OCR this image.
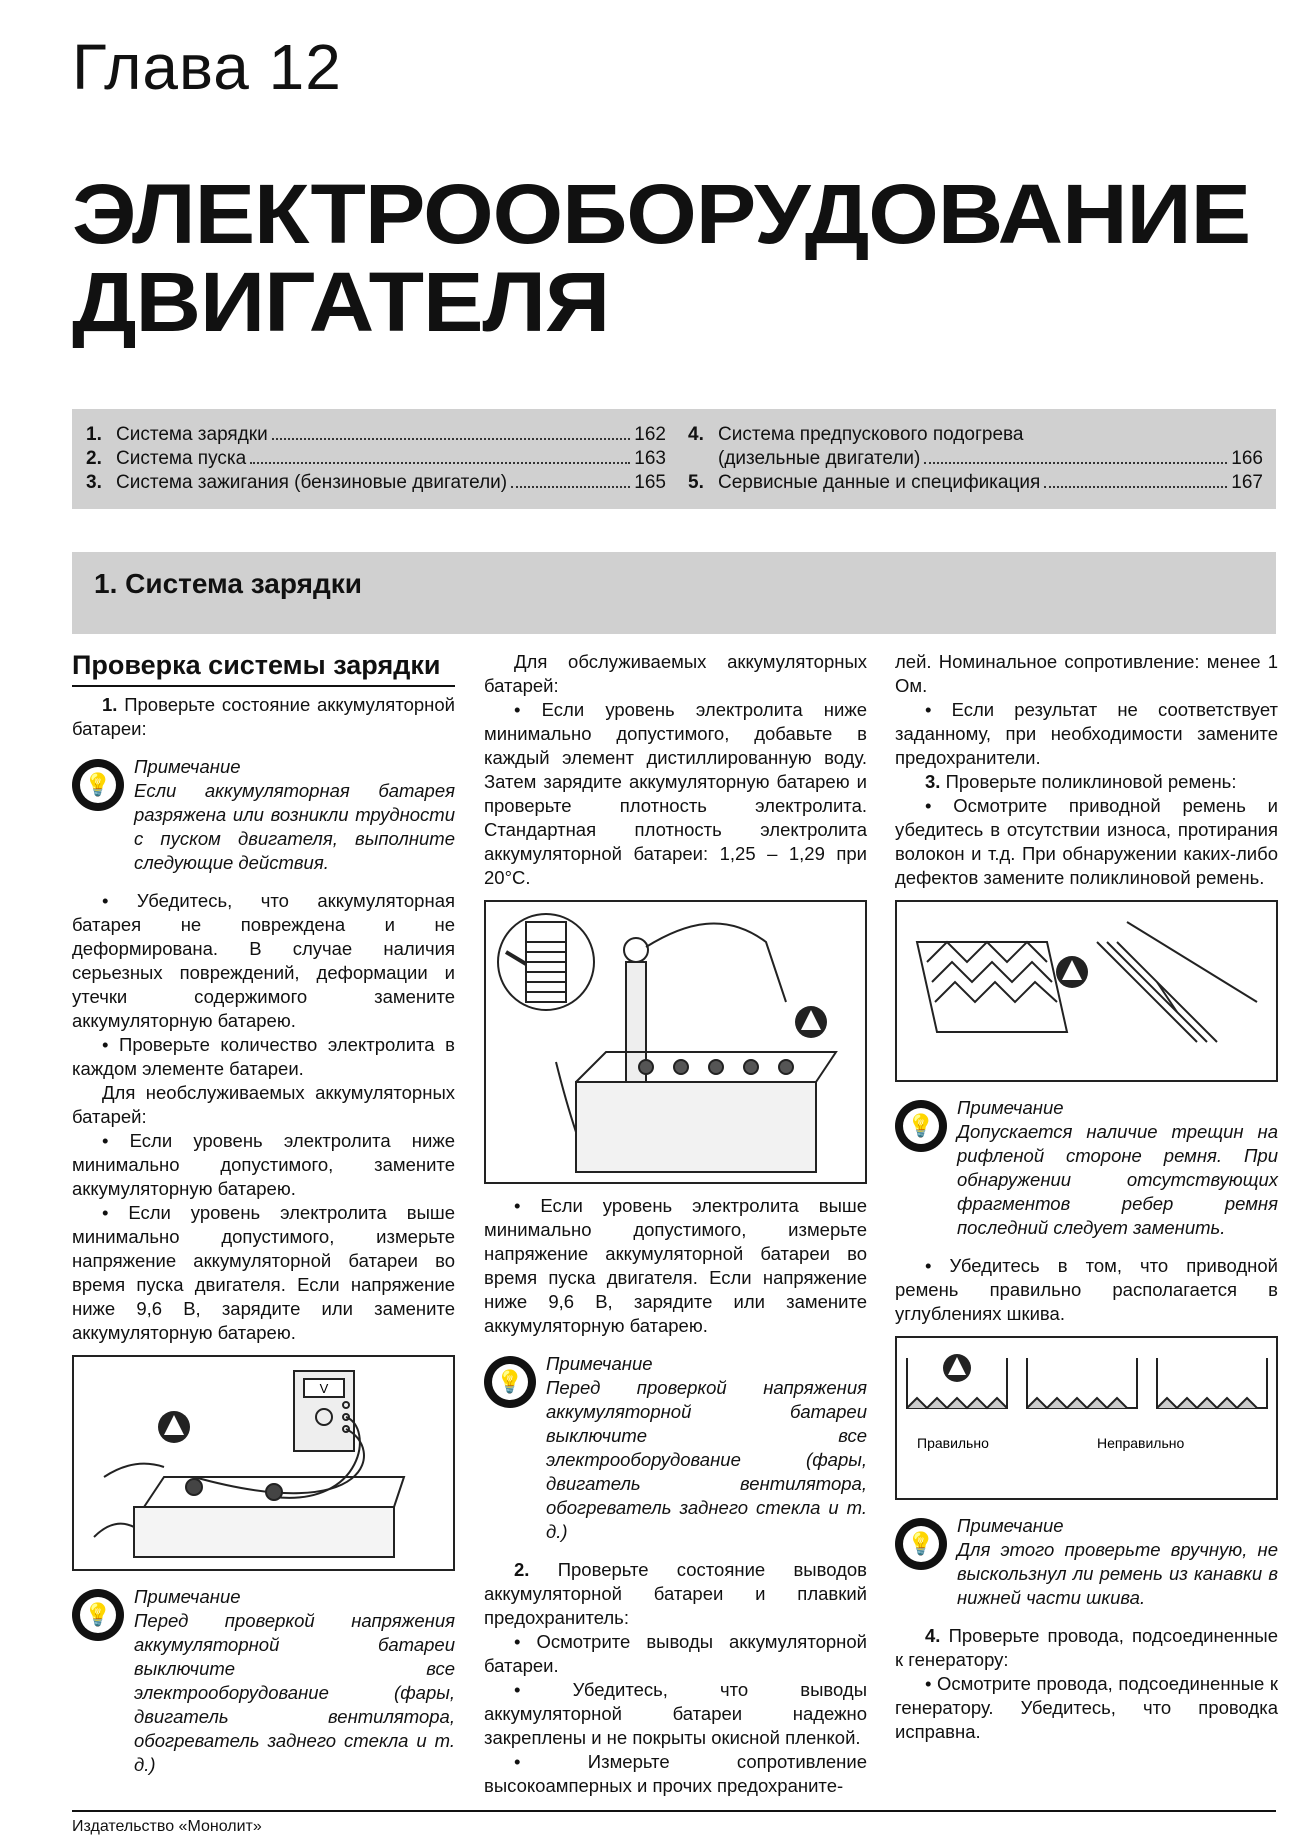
Глава 12
ЭЛЕКТРООБОРУДОВАНИЕ
ДВИГАТЕЛЯ
1. Система зарядки	162
2. Система пуска	163
3. Система зажигания (бензиновые двигатели)	165
4. Система предпускового подогрева
(дизельные двигатели)	166
5. Сервисные данные и спецификация	167
1. Система зарядки
Проверка системы зарядки

1. Проверьте состояние аккумуляторной батареи:

💡
Примечание
Если аккумуляторная батарея разряжена или возникли трудности с пуском двигателя, выполните следующие действия.

• Убедитесь, что аккумуляторная батарея не повреждена и не деформирована. В случае наличия серьезных повреждений, деформации и утечки содержимого замените аккумуляторную батарею.

• Проверьте количество электролита в каждом элементе батареи.

Для необслуживаемых аккумуляторных батарей:

• Если уровень электролита ниже минимально допустимого, замените аккумуляторную батарею.

• Если уровень электролита выше минимально допустимого, измерьте напряжение аккумуляторной батареи во время пуска двигателя. Если напряжение ниже 9,6 В, зарядите или замените аккумуляторную батарею.

V
💡
Примечание
Перед проверкой напряжения аккумуляторной батареи выключите все электрооборудование (фары, двигатель вентилятора, обогреватель заднего стекла и т. д.)

Для обслуживаемых аккумуляторных батарей:

• Если уровень электролита ниже минимально допустимого, добавьте в каждый элемент дистиллированную воду. Затем зарядите аккумуляторную батарею и проверьте плотность электролита. Стандартная плотность электролита аккумуляторной батареи: 1,25 – 1,29 при 20°C.

• Если уровень электролита выше минимально допустимого, измерьте напряжение аккумуляторной батареи во время пуска двигателя. Если напряжение ниже 9,6 В, зарядите или замените аккумуляторную батарею.

💡
Примечание
Перед проверкой напряжения аккумуляторной батареи выключите все электрооборудование (фары, двигатель вентилятора, обогреватель заднего стекла и т. д.)

2. Проверьте состояние выводов аккумуляторной батареи и плавкий предохранитель:

• Осмотрите выводы аккумуляторной батареи.

• Убедитесь, что выводы аккумуляторной батареи надежно закреплены и не покрыты окисной пленкой.

• Измерьте сопротивление высокоамперных и прочих предохраните-

лей. Номинальное сопротивление: менее 1 Ом.

• Если результат не соответствует заданному, при необходимости замените предохранители.

3. Проверьте поликлиновой ремень:

• Осмотрите приводной ремень и убедитесь в отсутствии износа, протирания волокон и т.д. При обнаружении каких-либо дефектов замените поликлиновой ремень.

💡
Примечание
Допускается наличие трещин на рифленой стороне ремня. При обнаружении отсутствующих фрагментов ребер ремня последний следует заменить.

• Убедитесь в том, что приводной ремень правильно располагается в углублениях шкива.

Правильно	Неправильно
💡
Примечание
Для этого проверьте вручную, не выскользнул ли ремень из канавки в нижней части шкива.

4. Проверьте провода, подсоединенные к генератору:

• Осмотрите провода, подсоединенные к генератору. Убедитесь, что проводка исправна.

Издательство «Монолит»
